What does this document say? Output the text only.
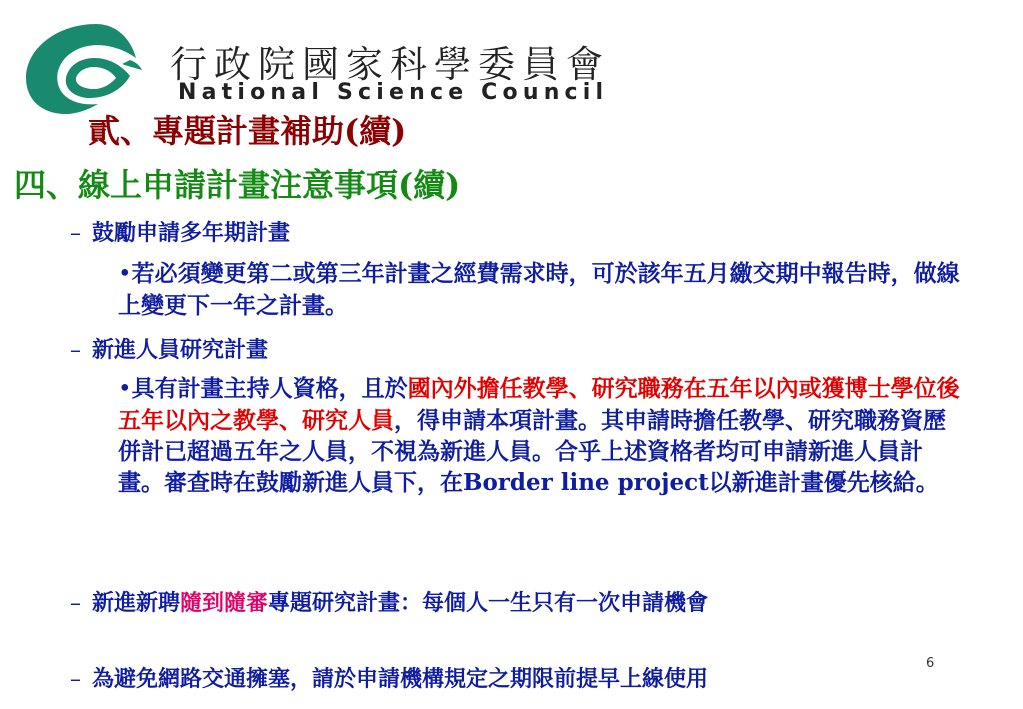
行政院國家科學委員會
National Science Council
貳、專題計畫補助(續)
四、線上申請計畫注意事項(續)
– 鼓勵申請多年期計畫
•若必須變更第二或第三年計畫之經費需求時，可於該年五月繳交期中報告時，做線上變更下一年之計畫。
– 新進人員研究計畫
•具有計畫主持人資格，且於國內外擔任教學、研究職務在五年以內或獲博士學位後五年以內之教學、研究人員，得申請本項計畫。其申請時擔任教學、研究職務資歷併計已超過五年之人員，不視為新進人員。合乎上述資格者均可申請新進人員計畫。審查時在鼓勵新進人員下，在Border line project以新進計畫優先核給。
– 新進新聘隨到隨審專題研究計畫：每個人一生只有一次申請機會
– 為避免網路交通擁塞，請於申請機構規定之期限前提早上線使用
6
